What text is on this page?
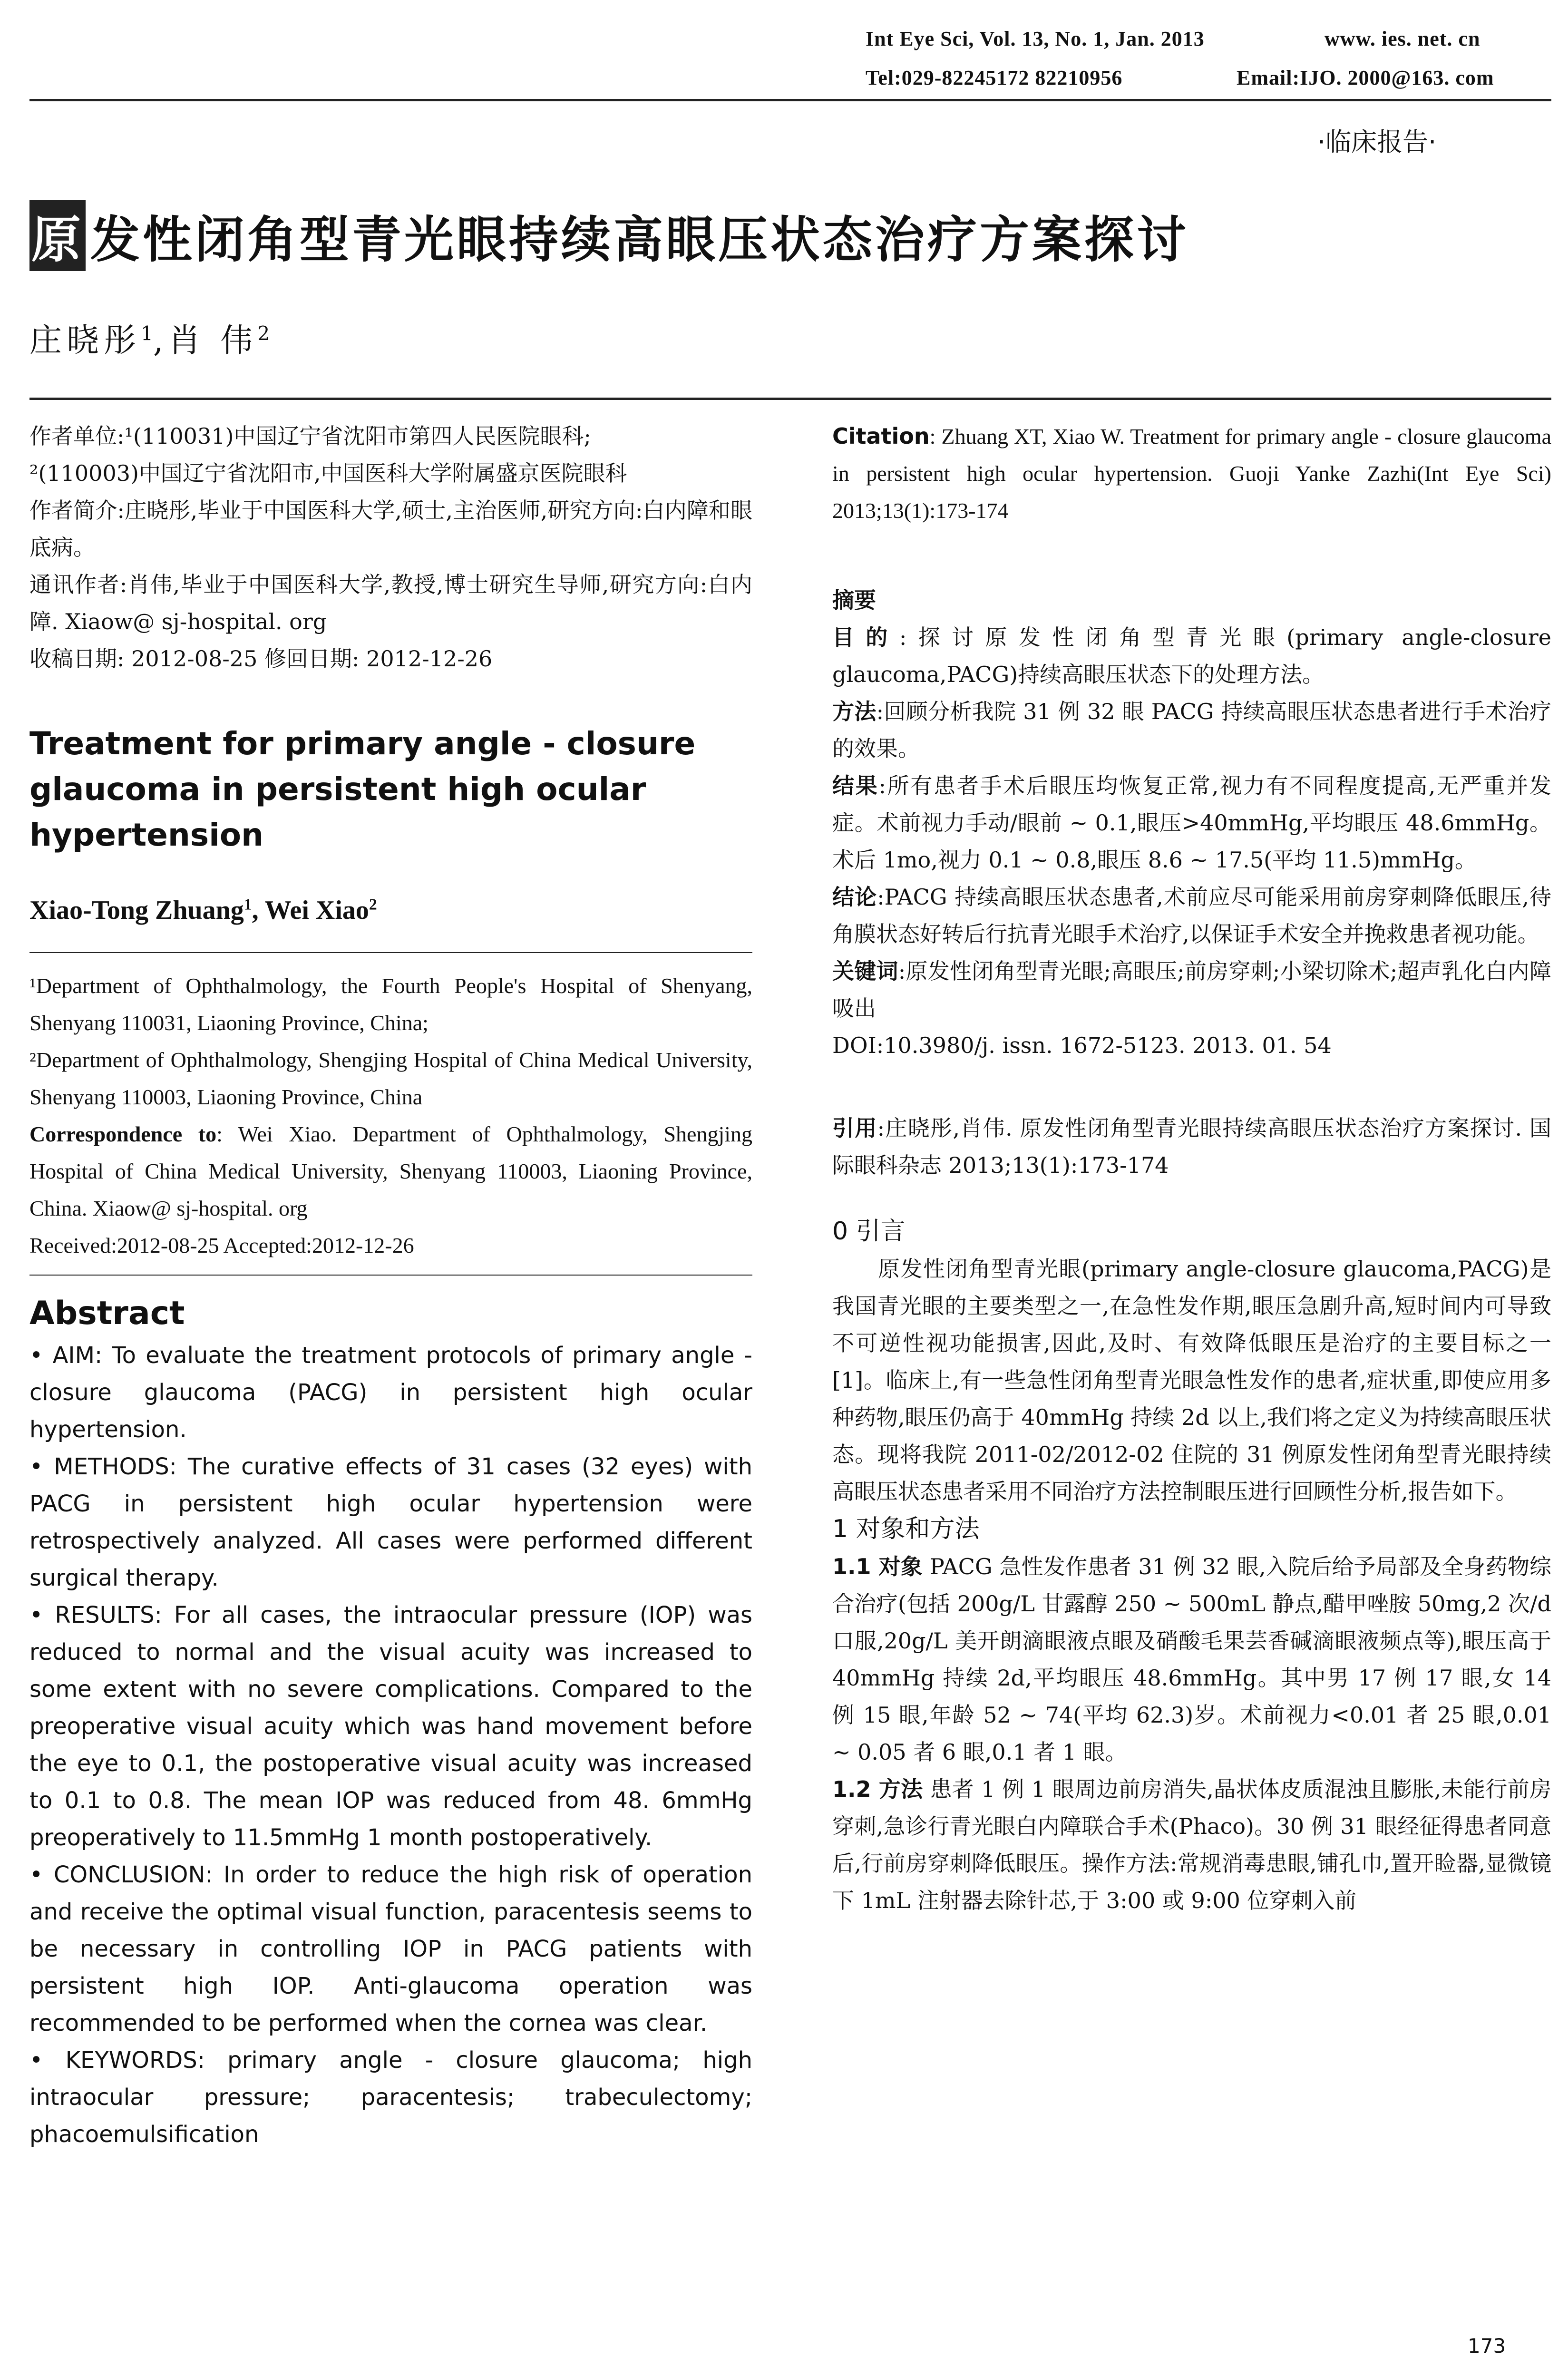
Int Eye Sci, Vol. 13, No. 1, Jan. 2013	www. ies. net. cn
Tel:029-82245172 82210956	Email:IJO. 2000@163. com
·临床报告·
原 发性闭角型青光眼持续高眼压状态治疗方案探讨
庄晓彤$^1$,肖 伟$^2$

作者单位:¹(110031)中国辽宁省沈阳市第四人民医院眼科;

²(110003)中国辽宁省沈阳市,中国医科大学附属盛京医院眼科

作者简介:庄晓彤,毕业于中国医科大学,硕士,主治医师,研究方向:白内障和眼底病。

通讯作者:肖伟,毕业于中国医科大学,教授,博士研究生导师,研究方向:白内障. Xiaow@ sj-hospital. org

收稿日期: 2012-08-25 修回日期: 2012-12-26

Treatment for primary angle - closure glaucoma in persistent high ocular hypertension

Xiao-Tong Zhuang$^1$, Wei Xiao$^2$

¹Department of Ophthalmology, the Fourth People's Hospital of Shenyang, Shenyang 110031, Liaoning Province, China;

²Department of Ophthalmology, Shengjing Hospital of China Medical University, Shenyang 110003, Liaoning Province, China

Correspondence to: Wei Xiao. Department of Ophthalmology, Shengjing Hospital of China Medical University, Shenyang 110003, Liaoning Province, China. Xiaow@ sj-hospital. org

Received:2012-08-25 Accepted:2012-12-26

Abstract

• AIM: To evaluate the treatment protocols of primary angle - closure glaucoma (PACG) in persistent high ocular hypertension.

• METHODS: The curative effects of 31 cases (32 eyes) with PACG in persistent high ocular hypertension were retrospectively analyzed. All cases were performed different surgical therapy.

• RESULTS: For all cases, the intraocular pressure (IOP) was reduced to normal and the visual acuity was increased to some extent with no severe complications. Compared to the preoperative visual acuity which was hand movement before the eye to 0.1, the postoperative visual acuity was increased to 0.1 to 0.8. The mean IOP was reduced from 48. 6mmHg preoperatively to 11.5mmHg 1 month postoperatively.

• CONCLUSION: In order to reduce the high risk of operation and receive the optimal visual function, paracentesis seems to be necessary in controlling IOP in PACG patients with persistent high IOP. Anti-glaucoma operation was recommended to be performed when the cornea was clear.

• KEYWORDS: primary angle - closure glaucoma; high intraocular pressure; paracentesis; trabeculectomy; phacoemulsification

Citation: Zhuang XT, Xiao W. Treatment for primary angle - closure glaucoma in persistent high ocular hypertension. Guoji Yanke Zazhi(Int Eye Sci) 2013;13(1):173-174

摘要

目的:探讨原发性闭角型青光眼(primary angle-closure glaucoma,PACG)持续高眼压状态下的处理方法。

方法:回顾分析我院 31 例 32 眼 PACG 持续高眼压状态患者进行手术治疗的效果。

结果:所有患者手术后眼压均恢复正常,视力有不同程度提高,无严重并发症。术前视力手动/眼前 ~ 0.1,眼压>40mmHg,平均眼压 48.6mmHg。术后 1mo,视力 0.1 ~ 0.8,眼压 8.6 ~ 17.5(平均 11.5)mmHg。

结论:PACG 持续高眼压状态患者,术前应尽可能采用前房穿刺降低眼压,待角膜状态好转后行抗青光眼手术治疗,以保证手术安全并挽救患者视功能。

关键词:原发性闭角型青光眼;高眼压;前房穿刺;小梁切除术;超声乳化白内障吸出

DOI:10.3980/j. issn. 1672-5123. 2013. 01. 54

引用:庄晓彤,肖伟. 原发性闭角型青光眼持续高眼压状态治疗方案探讨. 国际眼科杂志 2013;13(1):173-174

0 引言

原发性闭角型青光眼(primary angle-closure glaucoma,PACG)是我国青光眼的主要类型之一,在急性发作期,眼压急剧升高,短时间内可导致不可逆性视功能损害,因此,及时、有效降低眼压是治疗的主要目标之一[1]。临床上,有一些急性闭角型青光眼急性发作的患者,症状重,即使应用多种药物,眼压仍高于 40mmHg 持续 2d 以上,我们将之定义为持续高眼压状态。现将我院 2011-02/2012-02 住院的 31 例原发性闭角型青光眼持续高眼压状态患者采用不同治疗方法控制眼压进行回顾性分析,报告如下。

1 对象和方法

1.1 对象 PACG 急性发作患者 31 例 32 眼,入院后给予局部及全身药物综合治疗(包括 200g/L 甘露醇 250 ~ 500mL 静点,醋甲唑胺 50mg,2 次/d 口服,20g/L 美开朗滴眼液点眼及硝酸毛果芸香碱滴眼液频点等),眼压高于 40mmHg 持续 2d,平均眼压 48.6mmHg。其中男 17 例 17 眼,女 14 例 15 眼,年龄 52 ~ 74(平均 62.3)岁。术前视力<0.01 者 25 眼,0.01 ~ 0.05 者 6 眼,0.1 者 1 眼。

1.2 方法 患者 1 例 1 眼周边前房消失,晶状体皮质混浊且膨胀,未能行前房穿刺,急诊行青光眼白内障联合手术(Phaco)。30 例 31 眼经征得患者同意后,行前房穿刺降低眼压。操作方法:常规消毒患眼,铺孔巾,置开睑器,显微镜下 1mL 注射器去除针芯,于 3:00 或 9:00 位穿刺入前

173
